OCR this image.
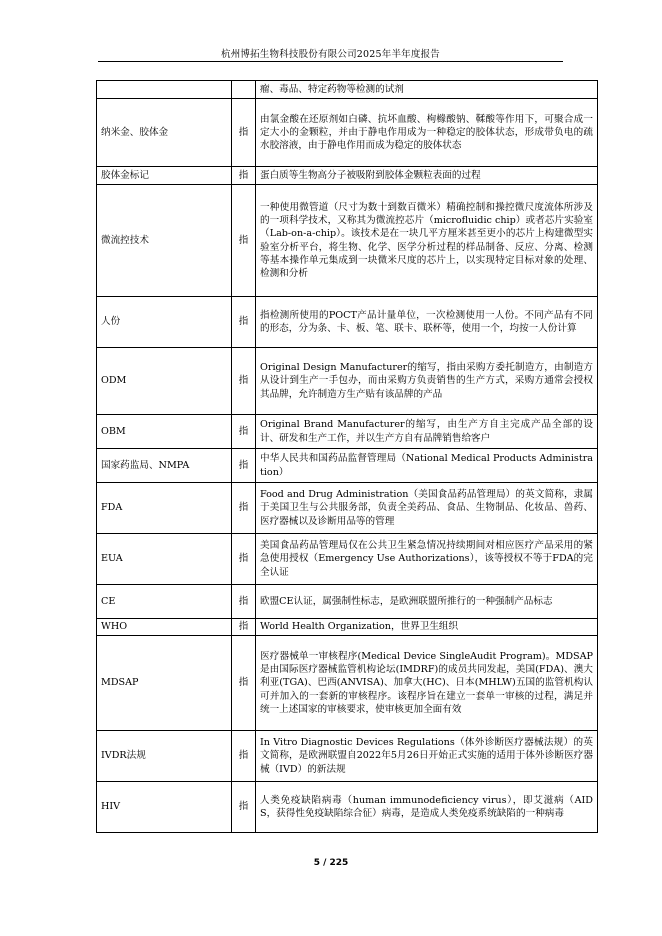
杭州博拓生物科技股份有限公司2025年半年度报告
		瘤、毒品、特定药物等检测的试剂
纳米金、胶体金	指	由氯金酸在还原剂如白磷、抗坏血酸、枸橼酸钠、鞣酸等作用下，可聚合成一定大小的金颗粒，并由于静电作用成为一种稳定的胶体状态，形成带负电的疏水胶溶液，由于静电作用而成为稳定的胶体状态
胶体金标记	指	蛋白质等生物高分子被吸附到胶体金颗粒表面的过程
微流控技术	指	一种使用微管道（尺寸为数十到数百微米）精确控制和操控微尺度流体所涉及的一项科学技术，又称其为微流控芯片（microfluidic chip）或者芯片实验室（Lab-on-a-chip）。该技术是在一块几平方厘米甚至更小的芯片上构建微型实验室分析平台，将生物、化学、医学分析过程的样品制备、反应、分离、检测等基本操作单元集成到一块微米尺度的芯片上，以实现特定目标对象的处理、检测和分析
人份	指	指检测所使用的POCT产品计量单位，一次检测使用一人份。不同产品有不同的形态，分为条、卡、板、笔、联卡、联杯等，使用一个，均按一人份计算
ODM	指	Original Design Manufacturer的缩写，指由采购方委托制造方，由制造方从设计到生产一手包办，而由采购方负责销售的生产方式，采购方通常会授权其品牌，允许制造方生产贴有该品牌的产品
OBM	指	Original Brand Manufacturer的缩写，由生产方自主完成产品全部的设计、研发和生产工作，并以生产方自有品牌销售给客户
国家药监局、NMPA	指	中华人民共和国药品监督管理局（National Medical Products Administration）
FDA	指	Food and Drug Administration（美国食品药品管理局）的英文简称，隶属于美国卫生与公共服务部，负责全美药品、食品、生物制品、化妆品、兽药、医疗器械以及诊断用品等的管理
EUA	指	美国食品药品管理局仅在公共卫生紧急情况持续期间对相应医疗产品采用的紧急使用授权（Emergency Use Authorizations），该等授权不等于FDA的完全认证
CE	指	欧盟CE认证，属强制性标志，是欧洲联盟所推行的一种强制产品标志
WHO	指	World Health Organization，世界卫生组织
MDSAP	指	医疗器械单一审核程序(Medical Device SingleAudit Program)。MDSAP是由国际医疗器械监管机构论坛(IMDRF)的成员共同发起，美国(FDA)、澳大利亚(TGA)、巴西(ANVISA)、加拿大(HC)、日本(MHLW)五国的监管机构认可并加入的一套新的审核程序。该程序旨在建立一套单一审核的过程，满足并统一上述国家的审核要求，使审核更加全面有效
IVDR法规	指	In Vitro Diagnostic Devices Regulations（体外诊断医疗器械法规）的英文简称，是欧洲联盟自2022年5月26日开始正式实施的适用于体外诊断医疗器械（IVD）的新法规
HIV	指	人类免疫缺陷病毒（human immunodeficiency virus），即艾滋病（AIDS，获得性免疫缺陷综合征）病毒，是造成人类免疫系统缺陷的一种病毒
5 / 225
